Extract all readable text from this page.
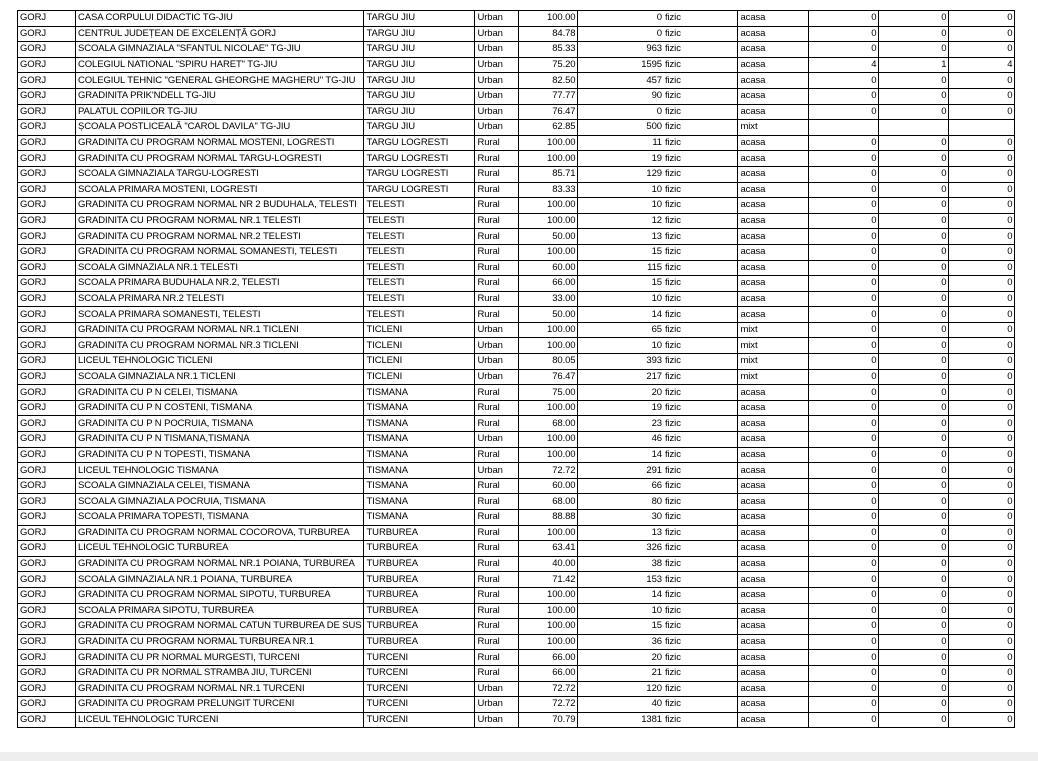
GORJ	CASA CORPULUI DIDACTIC TG-JIU	TARGU JIU	Urban	100.00	0	fizic	acasa	0	0	0
GORJ	CENTRUL JUDEȚEAN DE EXCELENȚĂ GORJ	TARGU JIU	Urban	84.78	0	fizic	acasa	0	0	0
GORJ	SCOALA GIMNAZIALA "SFANTUL NICOLAE" TG-JIU	TARGU JIU	Urban	85.33	963	fizic	acasa	0	0	0
GORJ	COLEGIUL NATIONAL "SPIRU HARET" TG-JIU	TARGU JIU	Urban	75.20	1595	fizic	acasa	4	1	4
GORJ	COLEGIUL TEHNIC "GENERAL GHEORGHE MAGHERU" TG-JIU	TARGU JIU	Urban	82.50	457	fizic	acasa	0	0	0
GORJ	GRADINITA PRIK'NDELL TG-JIU	TARGU JIU	Urban	77.77	90	fizic	acasa	0	0	0
GORJ	PALATUL COPIILOR TG-JIU	TARGU JIU	Urban	76.47	0	fizic	acasa	0	0	0
GORJ	ȘCOALA POSTLICEALĂ "CAROL DAVILA" TG-JIU	TARGU JIU	Urban	62.85	500	fizic	mixt			
GORJ	GRADINITA CU PROGRAM NORMAL MOSTENI, LOGRESTI	TARGU LOGRESTI	Rural	100.00	11	fizic	acasa	0	0	0
GORJ	GRADINITA CU PROGRAM NORMAL TARGU-LOGRESTI	TARGU LOGRESTI	Rural	100.00	19	fizic	acasa	0	0	0
GORJ	SCOALA GIMNAZIALA TARGU-LOGRESTI	TARGU LOGRESTI	Rural	85.71	129	fizic	acasa	0	0	0
GORJ	SCOALA PRIMARA MOSTENI, LOGRESTI	TARGU LOGRESTI	Rural	83.33	10	fizic	acasa	0	0	0
GORJ	GRADINITA CU PROGRAM NORMAL NR 2 BUDUHALA, TELESTI	TELESTI	Rural	100.00	10	fizic	acasa	0	0	0
GORJ	GRADINITA CU PROGRAM NORMAL NR.1 TELESTI	TELESTI	Rural	100.00	12	fizic	acasa	0	0	0
GORJ	GRADINITA CU PROGRAM NORMAL NR.2 TELESTI	TELESTI	Rural	50.00	13	fizic	acasa	0	0	0
GORJ	GRADINITA CU PROGRAM NORMAL SOMANESTI, TELESTI	TELESTI	Rural	100.00	15	fizic	acasa	0	0	0
GORJ	SCOALA GIMNAZIALA NR.1 TELESTI	TELESTI	Rural	60.00	115	fizic	acasa	0	0	0
GORJ	SCOALA PRIMARA BUDUHALA NR.2, TELESTI	TELESTI	Rural	66.00	15	fizic	acasa	0	0	0
GORJ	SCOALA PRIMARA NR.2 TELESTI	TELESTI	Rural	33.00	10	fizic	acasa	0	0	0
GORJ	SCOALA PRIMARA SOMANESTI, TELESTI	TELESTI	Rural	50.00	14	fizic	acasa	0	0	0
GORJ	GRADINITA CU PROGRAM NORMAL NR.1 TICLENI	TICLENI	Urban	100.00	65	fizic	mixt	0	0	0
GORJ	GRADINITA CU PROGRAM NORMAL NR.3 TICLENI	TICLENI	Urban	100.00	10	fizic	mixt	0	0	0
GORJ	LICEUL TEHNOLOGIC TICLENI	TICLENI	Urban	80.05	393	fizic	mixt	0	0	0
GORJ	SCOALA GIMNAZIALA NR.1 TICLENI	TICLENI	Urban	76.47	217	fizic	mixt	0	0	0
GORJ	GRADINITA CU P N CELEI, TISMANA	TISMANA	Rural	75.00	20	fizic	acasa	0	0	0
GORJ	GRADINITA CU P N COSTENI, TISMANA	TISMANA	Rural	100.00	19	fizic	acasa	0	0	0
GORJ	GRADINITA CU P N POCRUIA, TISMANA	TISMANA	Rural	68.00	23	fizic	acasa	0	0	0
GORJ	GRADINITA CU P N TISMANA,TISMANA	TISMANA	Urban	100.00	46	fizic	acasa	0	0	0
GORJ	GRADINITA CU P N TOPESTI, TISMANA	TISMANA	Rural	100.00	14	fizic	acasa	0	0	0
GORJ	LICEUL TEHNOLOGIC TISMANA	TISMANA	Urban	72.72	291	fizic	acasa	0	0	0
GORJ	SCOALA GIMNAZIALA CELEI, TISMANA	TISMANA	Rural	60.00	66	fizic	acasa	0	0	0
GORJ	SCOALA GIMNAZIALA POCRUIA, TISMANA	TISMANA	Rural	68.00	80	fizic	acasa	0	0	0
GORJ	SCOALA PRIMARA TOPESTI, TISMANA	TISMANA	Rural	88.88	30	fizic	acasa	0	0	0
GORJ	GRADINITA CU PROGRAM NORMAL COCOROVA, TURBUREA	TURBUREA	Rural	100.00	13	fizic	acasa	0	0	0
GORJ	LICEUL TEHNOLOGIC TURBUREA	TURBUREA	Rural	63.41	326	fizic	acasa	0	0	0
GORJ	GRADINITA CU PROGRAM NORMAL NR.1 POIANA, TURBUREA	TURBUREA	Rural	40.00	38	fizic	acasa	0	0	0
GORJ	SCOALA GIMNAZIALA NR.1 POIANA, TURBUREA	TURBUREA	Rural	71.42	153	fizic	acasa	0	0	0
GORJ	GRADINITA CU PROGRAM NORMAL SIPOTU, TURBUREA	TURBUREA	Rural	100.00	14	fizic	acasa	0	0	0
GORJ	SCOALA PRIMARA SIPOTU, TURBUREA	TURBUREA	Rural	100.00	10	fizic	acasa	0	0	0
GORJ	GRADINITA CU PROGRAM NORMAL CATUN TURBUREA DE SUS	TURBUREA	Rural	100.00	15	fizic	acasa	0	0	0
GORJ	GRADINITA CU PROGRAM NORMAL TURBUREA NR.1	TURBUREA	Rural	100.00	36	fizic	acasa	0	0	0
GORJ	GRADINITA CU PR NORMAL MURGESTI, TURCENI	TURCENI	Rural	66.00	20	fizic	acasa	0	0	0
GORJ	GRADINITA CU PR NORMAL STRAMBA JIU, TURCENI	TURCENI	Rural	66.00	21	fizic	acasa	0	0	0
GORJ	GRADINITA CU PROGRAM NORMAL NR.1 TURCENI	TURCENI	Urban	72.72	120	fizic	acasa	0	0	0
GORJ	GRADINITA CU PROGRAM PRELUNGIT TURCENI	TURCENI	Urban	72.72	40	fizic	acasa	0	0	0
GORJ	LICEUL TEHNOLOGIC TURCENI	TURCENI	Urban	70.79	1381	fizic	acasa	0	0	0
